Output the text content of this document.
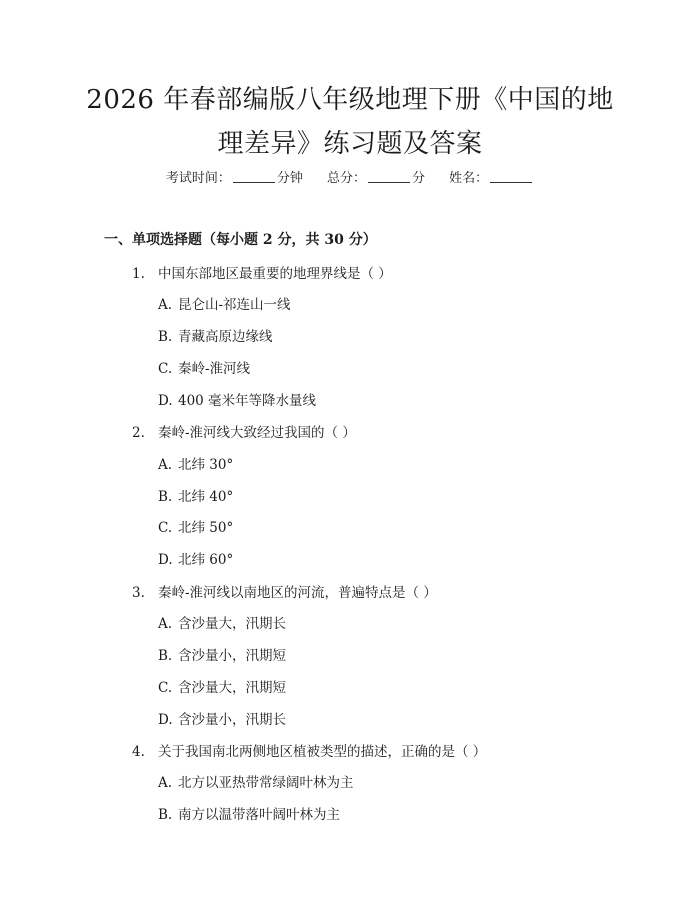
2026 年春部编版八年级地理下册《中国的地
理差异》练习题及答案
考试时间：	分钟 总分：	分 姓名：
一、单项选择题（每小题 2 分，共 30 分）
1. 中国东部地区最重要的地理界线是（ ）
A. 昆仑山-祁连山一线
B. 青藏高原边缘线
C. 秦岭-淮河线
D. 400 毫米年等降水量线
2. 秦岭-淮河线大致经过我国的（ ）
A. 北纬 30°
B. 北纬 40°
C. 北纬 50°
D. 北纬 60°
3. 秦岭-淮河线以南地区的河流，普遍特点是（ ）
A. 含沙量大，汛期长
B. 含沙量小，汛期短
C. 含沙量大，汛期短
D. 含沙量小，汛期长
4. 关于我国南北两侧地区植被类型的描述，正确的是（ ）
A. 北方以亚热带常绿阔叶林为主
B. 南方以温带落叶阔叶林为主
